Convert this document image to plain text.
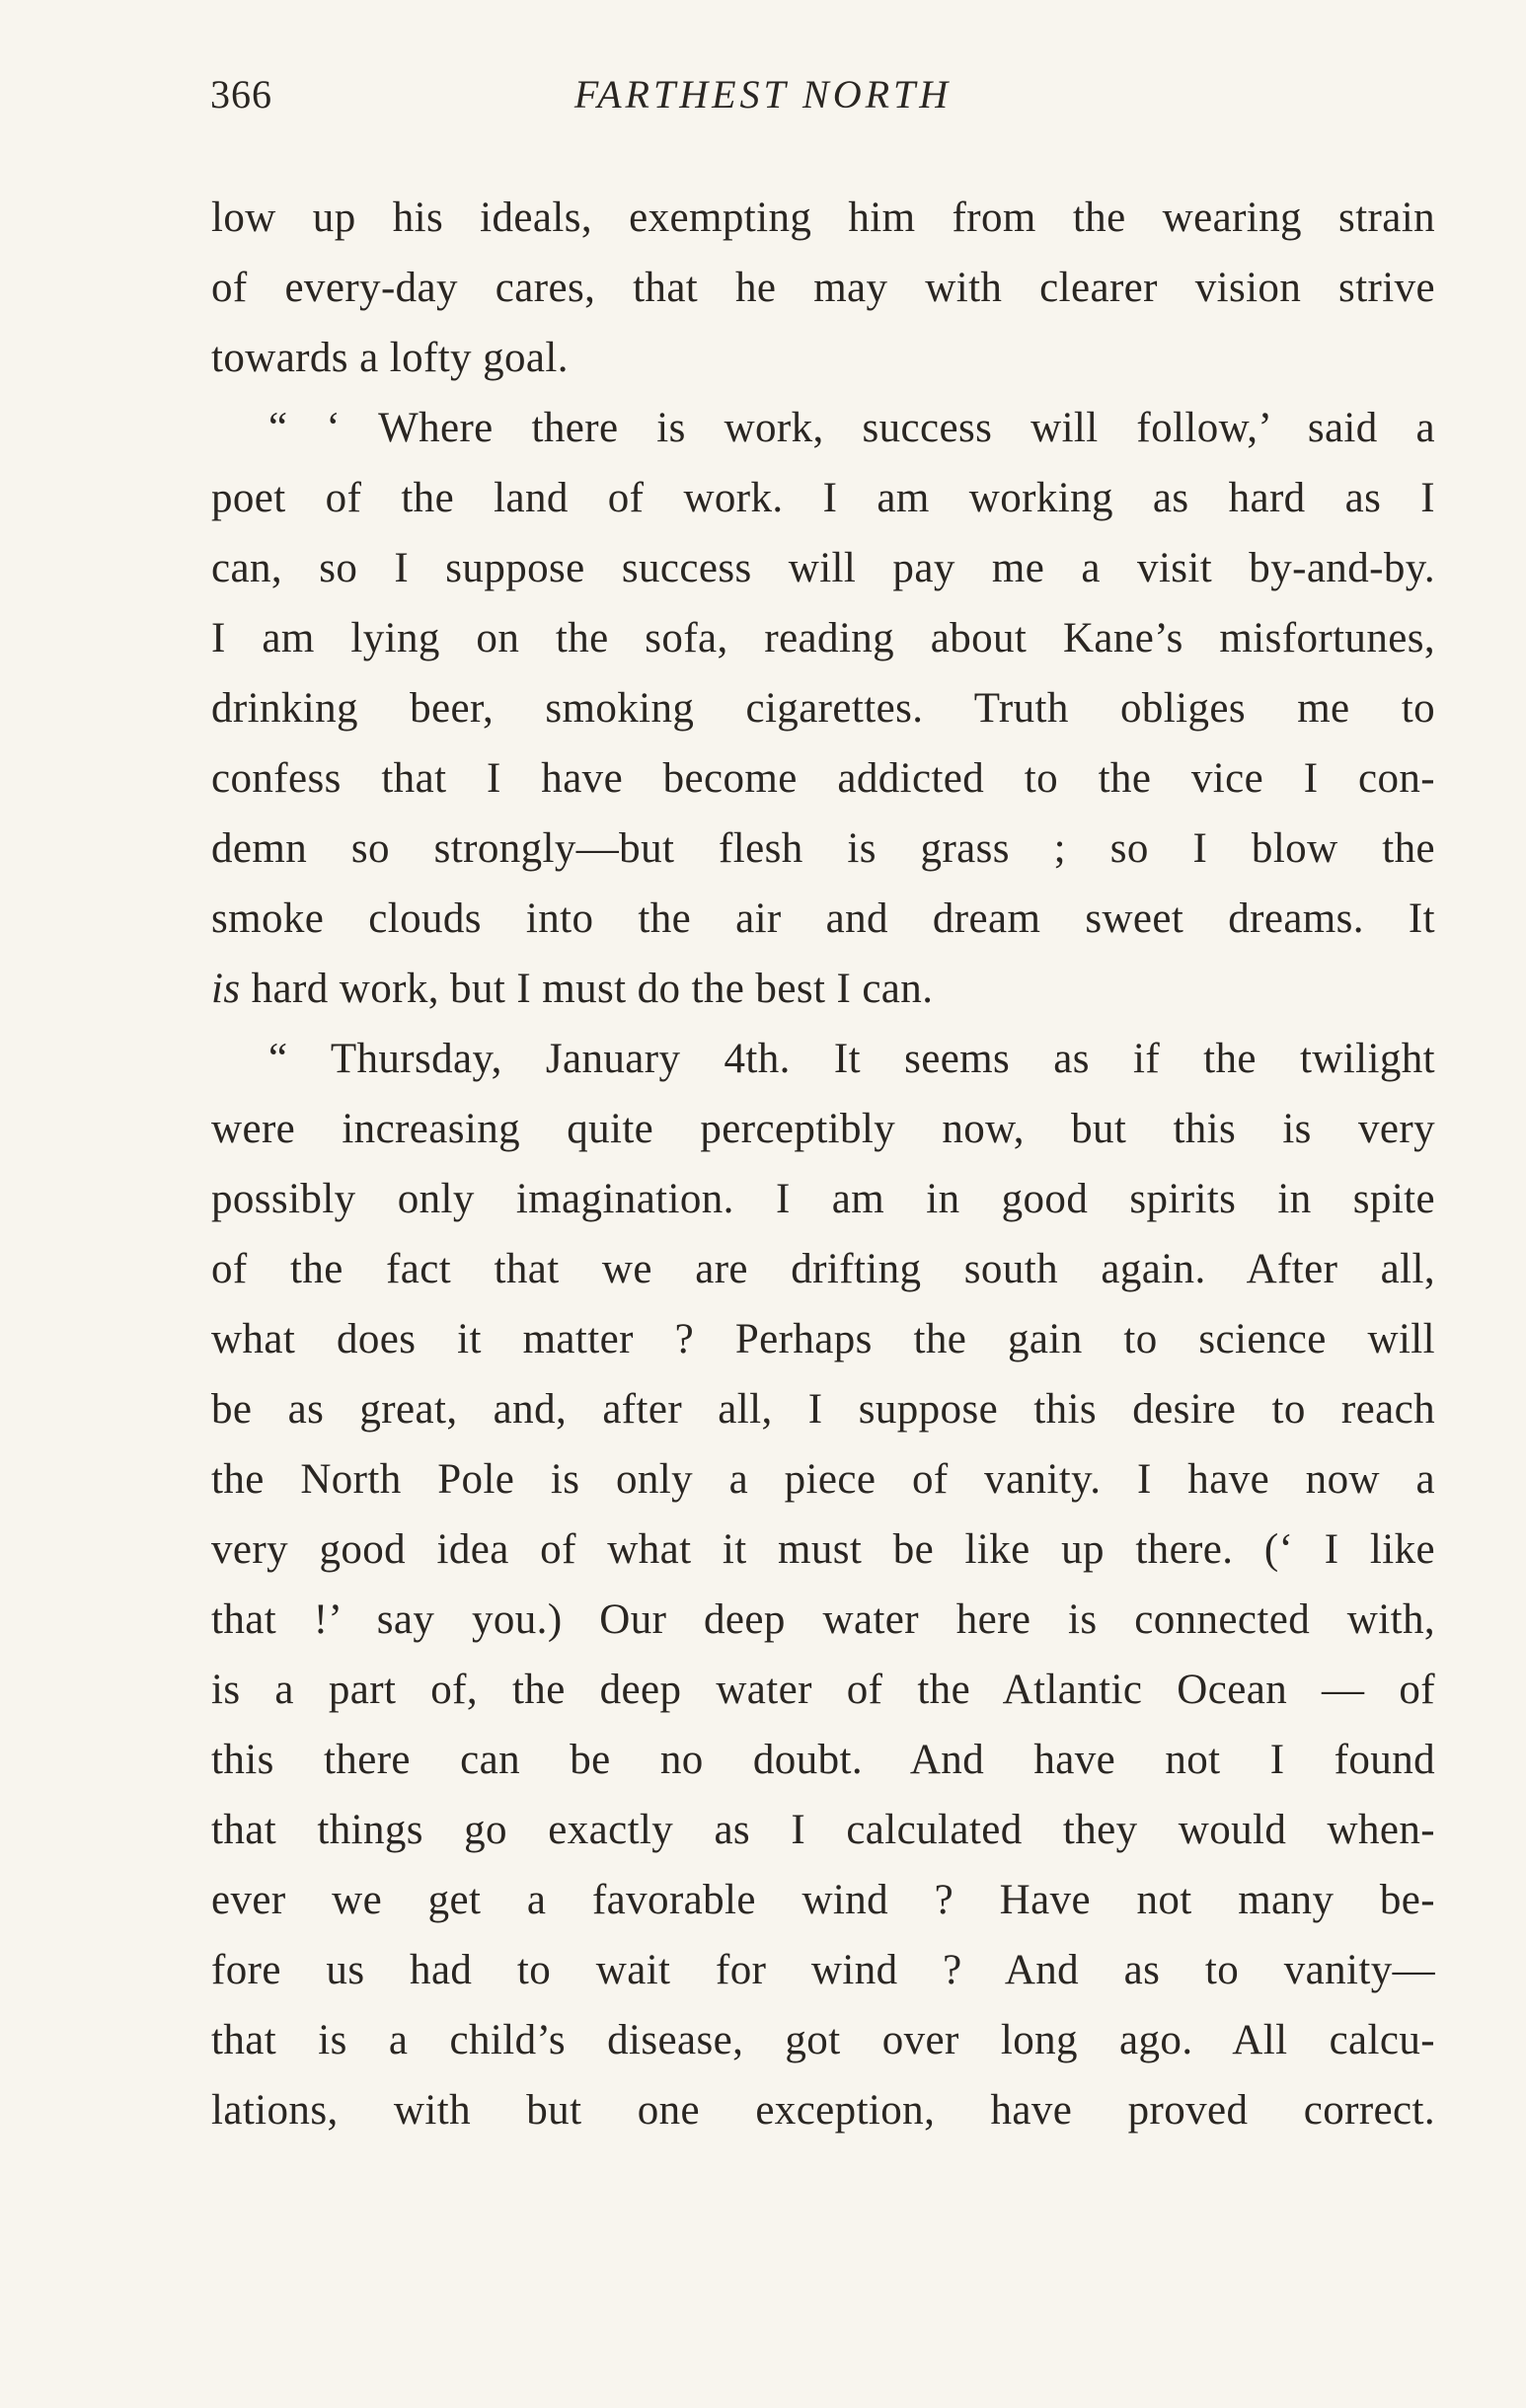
366	FARTHEST NORTH
low up his ideals, exempting him from the wearing strain
of every-day cares, that he may with clearer vision strive
towards a lofty goal.
“ ‘ Where there is work, success will follow,’ said a
poet of the land of work. I am working as hard as I
can, so I suppose success will pay me a visit by-and-by.
I am lying on the sofa, reading about Kane’s misfortunes,
drinking beer, smoking cigarettes. Truth obliges me to
confess that I have become addicted to the vice I con-
demn so strongly—but flesh is grass ; so I blow the
smoke clouds into the air and dream sweet dreams. It
is hard work, but I must do the best I can.
“ Thursday, January 4th. It seems as if the twilight
were increasing quite perceptibly now, but this is very
possibly only imagination. I am in good spirits in spite
of the fact that we are drifting south again. After all,
what does it matter ? Perhaps the gain to science will
be as great, and, after all, I suppose this desire to reach
the North Pole is only a piece of vanity. I have now a
very good idea of what it must be like up there. (‘ I like
that !’ say you.) Our deep water here is connected with,
is a part of, the deep water of the Atlantic Ocean — of
this there can be no doubt. And have not I found
that things go exactly as I calculated they would when-
ever we get a favorable wind ? Have not many be-
fore us had to wait for wind ? And as to vanity—
that is a child’s disease, got over long ago. All calcu-
lations, with but one exception, have proved correct.
